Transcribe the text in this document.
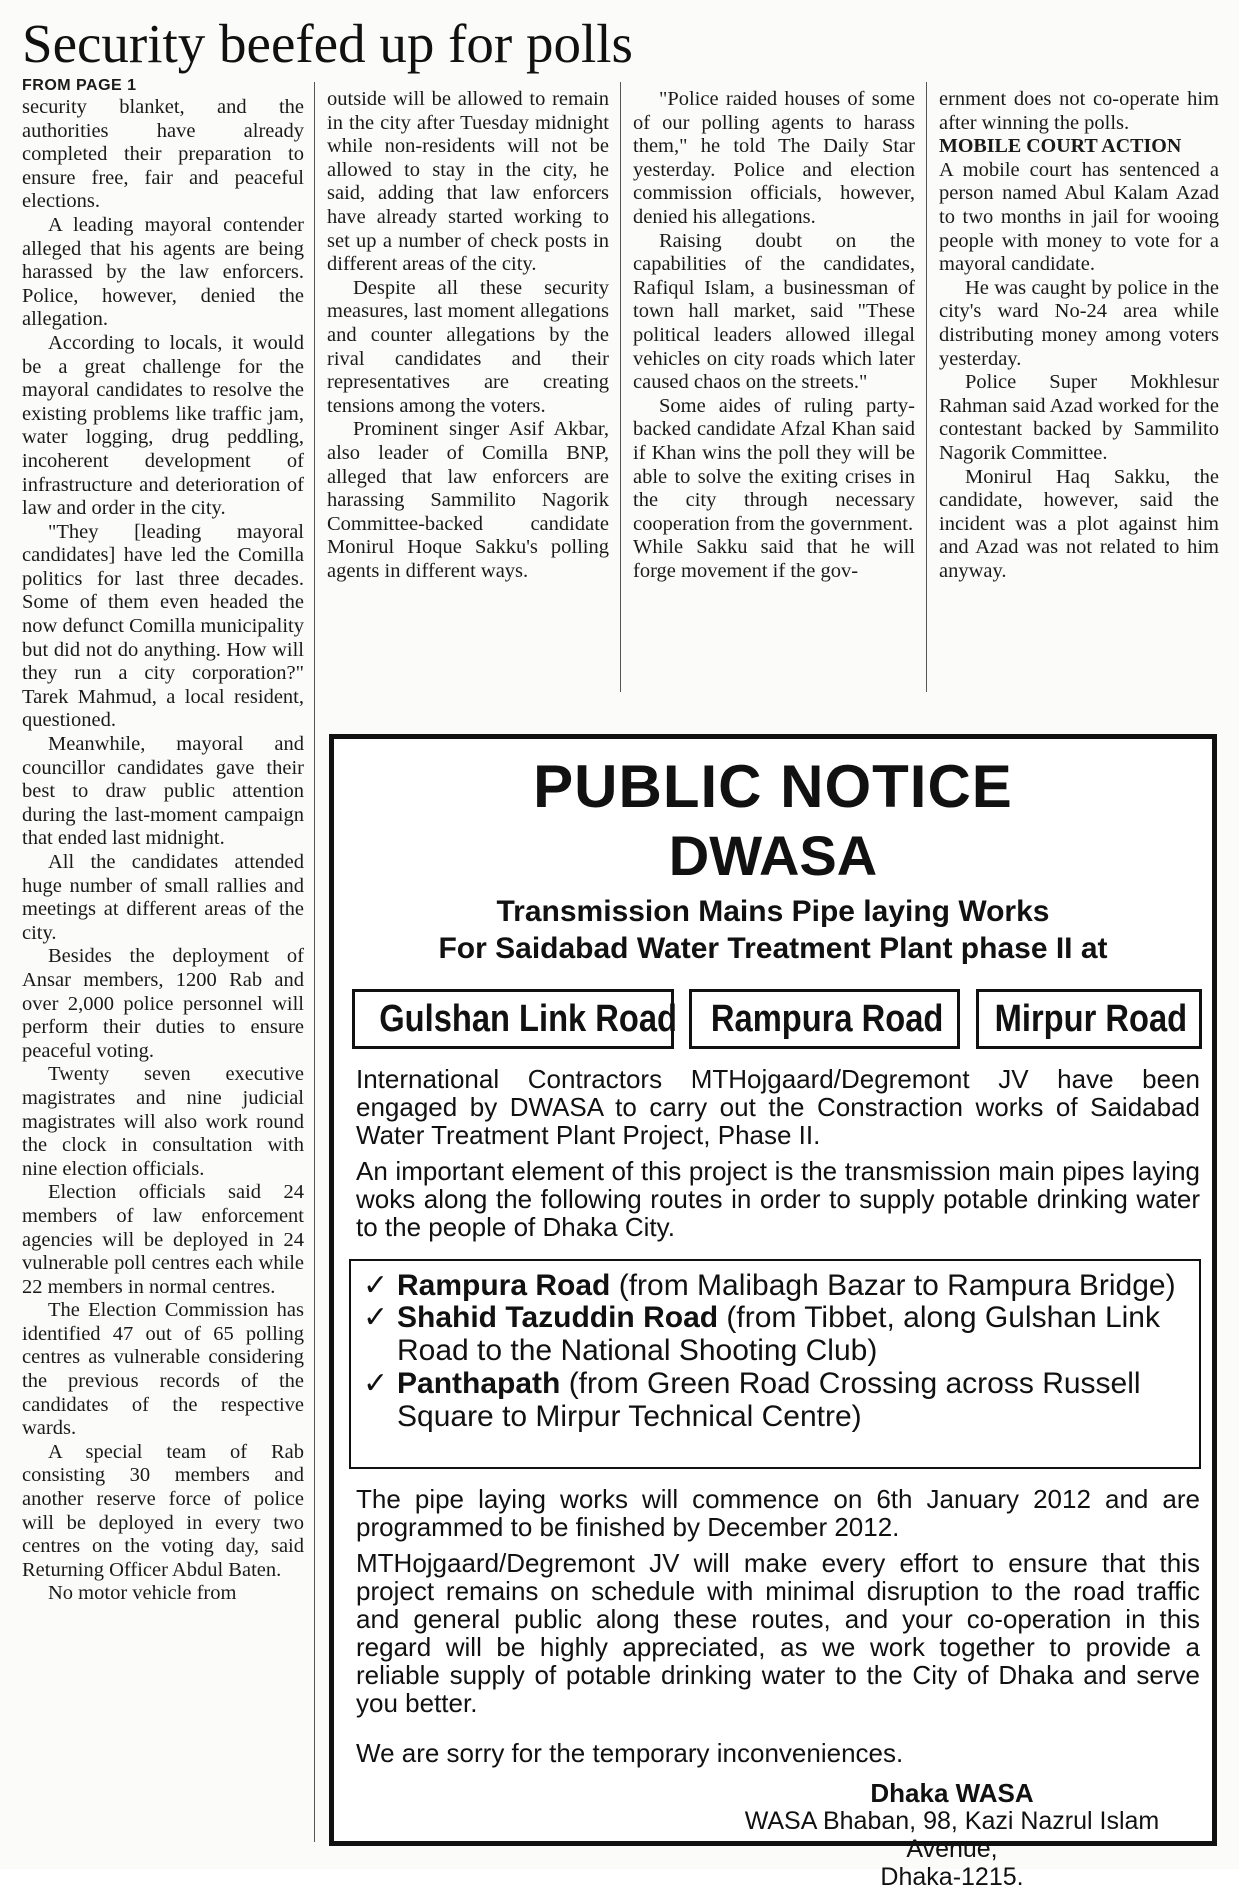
Security beefed up for polls
FROM PAGE 1

security blanket, and the authorities have already completed their preparation to ensure free, fair and peaceful elections.

A leading mayoral contender alleged that his agents are being harassed by the law enforcers. Police, however, denied the allegation.

According to locals, it would be a great challenge for the mayoral candidates to resolve the existing problems like traffic jam, water logging, drug peddling, incoherent development of infrastructure and deterioration of law and order in the city.

"They [leading mayoral candidates] have led the Comilla politics for last three decades. Some of them even headed the now defunct Comilla municipality but did not do anything. How will they run a city corporation?" Tarek Mahmud, a local resident, questioned.

Meanwhile, mayoral and councillor candidates gave their best to draw public attention during the last-moment campaign that ended last midnight.

All the candidates attended huge number of small rallies and meetings at different areas of the city.

Besides the deployment of Ansar members, 1200 Rab and over 2,000 police personnel will perform their duties to ensure peaceful voting.

Twenty seven executive magistrates and nine judicial magistrates will also work round the clock in consultation with nine election officials.

Election officials said 24 members of law enforcement agencies will be deployed in 24 vulnerable poll centres each while 22 members in normal centres.

The Election Commission has identified 47 out of 65 polling centres as vulnerable considering the previous records of the candidates of the respective wards.

A special team of Rab consisting 30 members and another reserve force of police will be deployed in every two centres on the voting day, said Returning Officer Abdul Baten.

No motor vehicle from

outside will be allowed to remain in the city after Tuesday midnight while non-residents will not be allowed to stay in the city, he said, adding that law enforcers have already started working to set up a number of check posts in different areas of the city.

Despite all these security measures, last moment allegations and counter allegations by the rival candidates and their representatives are creating tensions among the voters.

Prominent singer Asif Akbar, also leader of Comilla BNP, alleged that law enforcers are harassing Sammilito Nagorik Committee-backed candidate Monirul Hoque Sakku's polling agents in different ways.

"Police raided houses of some of our polling agents to harass them," he told The Daily Star yesterday. Police and election commission officials, however, denied his allegations.

Raising doubt on the capabilities of the candidates, Rafiqul Islam, a businessman of town hall market, said "These political leaders allowed illegal vehicles on city roads which later caused chaos on the streets."

Some aides of ruling party-backed candidate Afzal Khan said if Khan wins the poll they will be able to solve the exiting crises in the city through necessary cooperation from the government.

While Sakku said that he will forge movement if the gov-

ernment does not co-operate him after winning the polls.

MOBILE COURT ACTION

A mobile court has sentenced a person named Abul Kalam Azad to two months in jail for wooing people with money to vote for a mayoral candidate.

He was caught by police in the city's ward No-24 area while distributing money among voters yesterday.

Police Super Mokhlesur Rahman said Azad worked for the contestant backed by Sammilito Nagorik Committee.

Monirul Haq Sakku, the candidate, however, said the incident was a plot against him and Azad was not related to him anyway.

PUBLIC NOTICE
DWASA
Transmission Mains Pipe laying Works
For Saidabad Water Treatment Plant phase II at
Gulshan Link Road Rampura Road	Mirpur Road
International Contractors MTHojgaard/Degremont JV have been engaged by DWASA to carry out the Constraction works of Saidabad Water Treatment Plant Project, Phase II.
An important element of this project is the transmission main pipes laying woks along the following routes in order to supply potable drinking water to the people of Dhaka City.
✓ Rampura Road (from Malibagh Bazar to Rampura Bridge)
✓ Shahid Tazuddin Road (from Tibbet, along Gulshan Link
Road to the National Shooting Club)
✓ Panthapath (from Green Road Crossing across Russell
Square to Mirpur Technical Centre)
The pipe laying works will commence on 6th January 2012 and are programmed to be finished by December 2012.
MTHojgaard/Degremont JV will make every effort to ensure that this project remains on schedule with minimal disruption to the road traffic and general public along these routes, and your co-operation in this regard will be highly appreciated, as we work together to provide a reliable supply of potable drinking water to the City of Dhaka and serve you better.
We are sorry for the temporary inconveniences.
Dhaka WASA
WASA Bhaban, 98, Kazi Nazrul Islam Avenue,
Dhaka-1215.
